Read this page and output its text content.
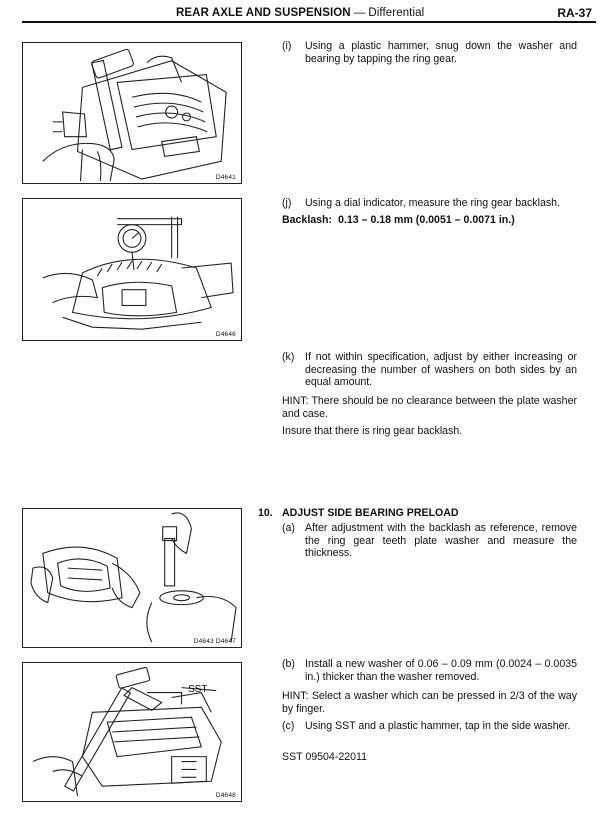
REAR AXLE AND SUSPENSION — Differential	RA-37
D4641
D4646
D4643 D4647
D4648
SST
(i)	Using a plastic hammer, snug down the washer and bearing by tapping the ring gear.
(j)	Using a dial indicator, measure the ring gear backlash.
Backlash: 0.13 – 0.18 mm (0.0051 – 0.0071 in.)
(k)	If not within specification, adjust by either increasing or decreasing the number of washers on both sides by an equal amount.
HINT: There should be no clearance between the plate washer and case.
Insure that there is ring gear backlash.
10. ADJUST SIDE BEARING PRELOAD
(a) After adjustment with the backlash as reference, remove the ring gear teeth plate washer and measure the thickness.
(b) Install a new washer of 0.06 – 0.09 mm (0.0024 – 0.0035 in.) thicker than the washer removed.
HINT: Select a washer which can be pressed in 2/3 of the way by finger.
(c)	Using SST and a plastic hammer, tap in the side washer.
SST 09504-22011
